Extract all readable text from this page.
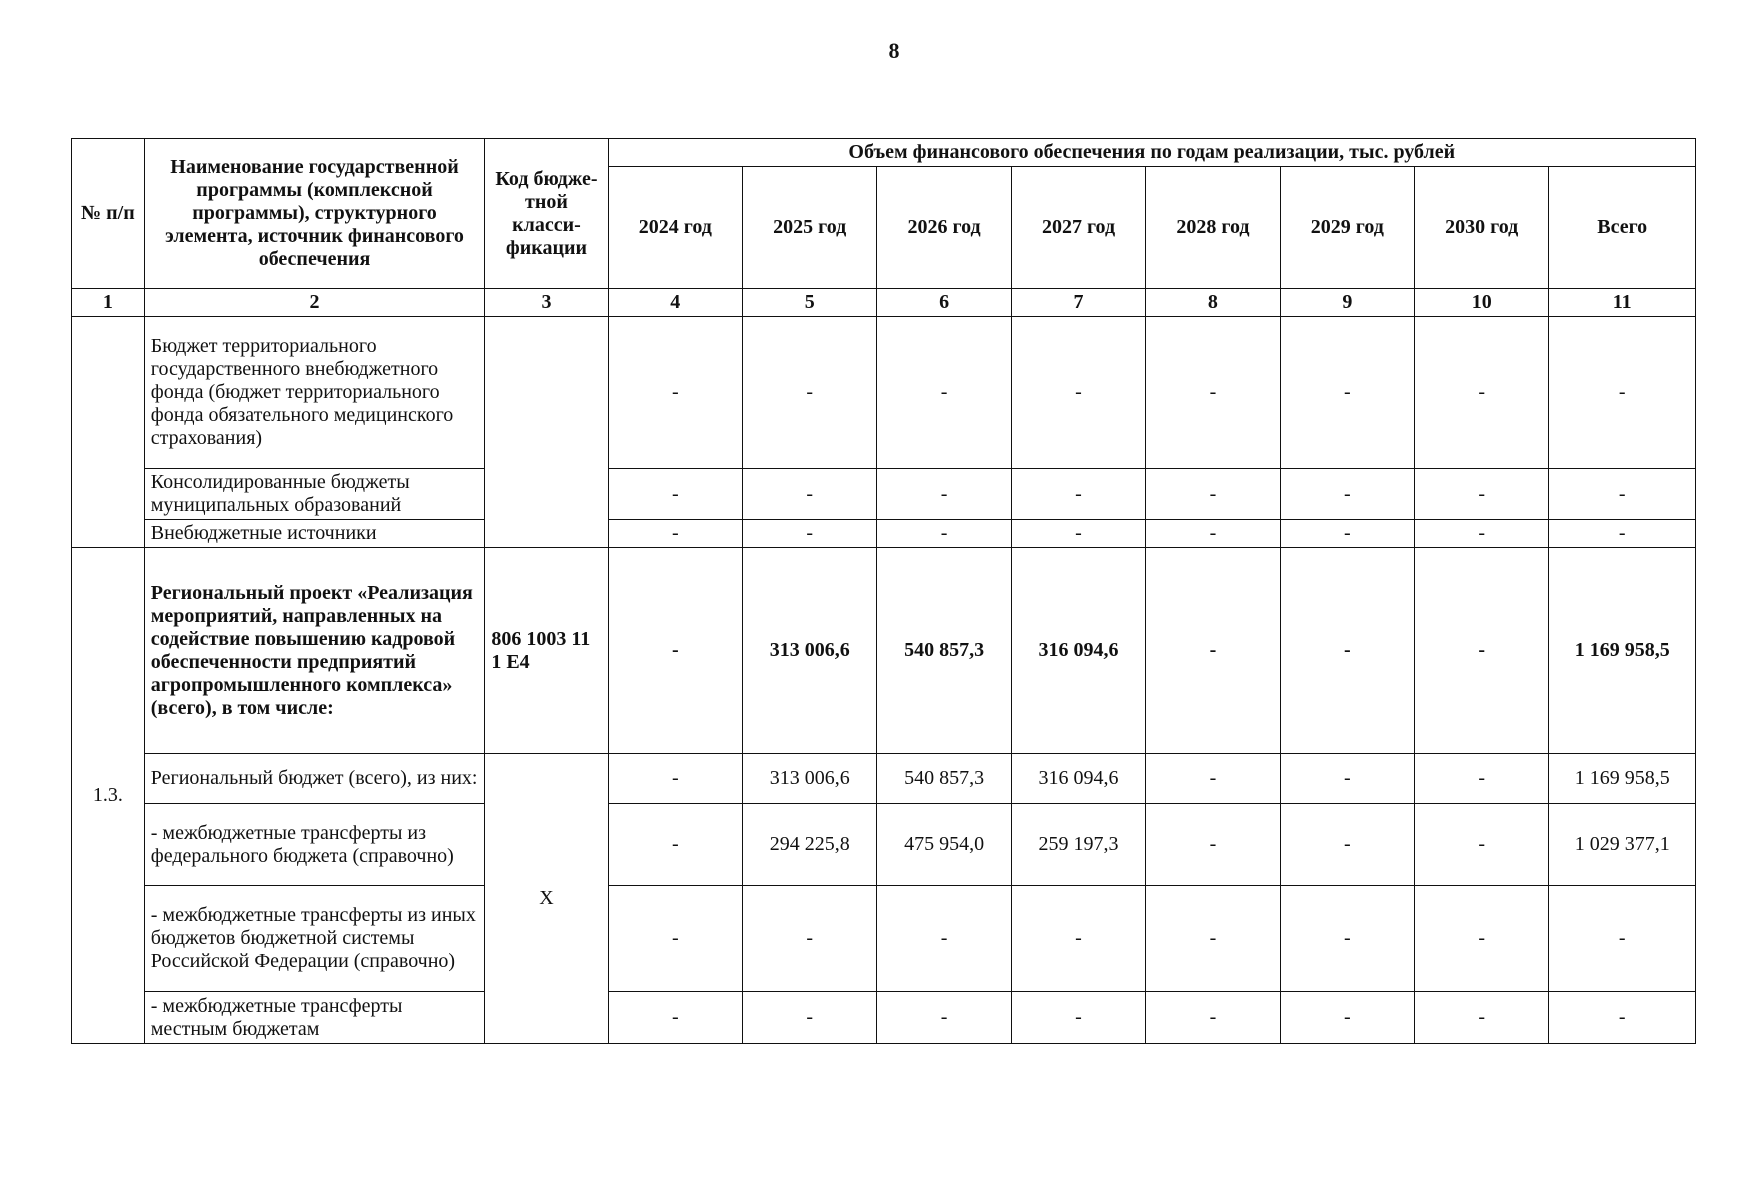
8
№ п/п	Наименование государственной программы (комплексной программы), структурного элемента, источник финансового обеспечения	Код бюдже-тной класси-фикации	Объем финансового обеспечения по годам реализации, тыс. рублей							
			2024 год	2025 год	2026 год	2027 год	2028 год	2029 год	2030 год	Всего
1	2	3	4	5	6	7	8	9	10	11
	Бюджет территориального государственного внебюджетного фонда (бюджет территориального фонда обязательного медицинского страхования)		-	-	-	-	-	-	-	-
	Консолидированные бюджеты муниципальных образований		-	-	-	-	-	-	-	-
	Внебюджетные источники		-	-	-	-	-	-	-	-
1.3.	Региональный проект «Реализация мероприятий, направленных на содействие повышению кадровой обеспеченности предприятий агропромышленного комплекса» (всего), в том числе:	806 1003 11 1 Е4	-	313 006,6	540 857,3	316 094,6	-	-	-	1 169 958,5
	Региональный бюджет (всего), из них:	X	-	313 006,6	540 857,3	316 094,6	-	-	-	1 169 958,5
	- межбюджетные трансферты из федерального бюджета (справочно)		-	294 225,8	475 954,0	259 197,3	-	-	-	1 029 377,1
	- межбюджетные трансферты из иных бюджетов бюджетной системы Российской Федерации (справочно)		-	-	-	-	-	-	-	-
	- межбюджетные трансферты местным бюджетам		-	-	-	-	-	-	-	-
